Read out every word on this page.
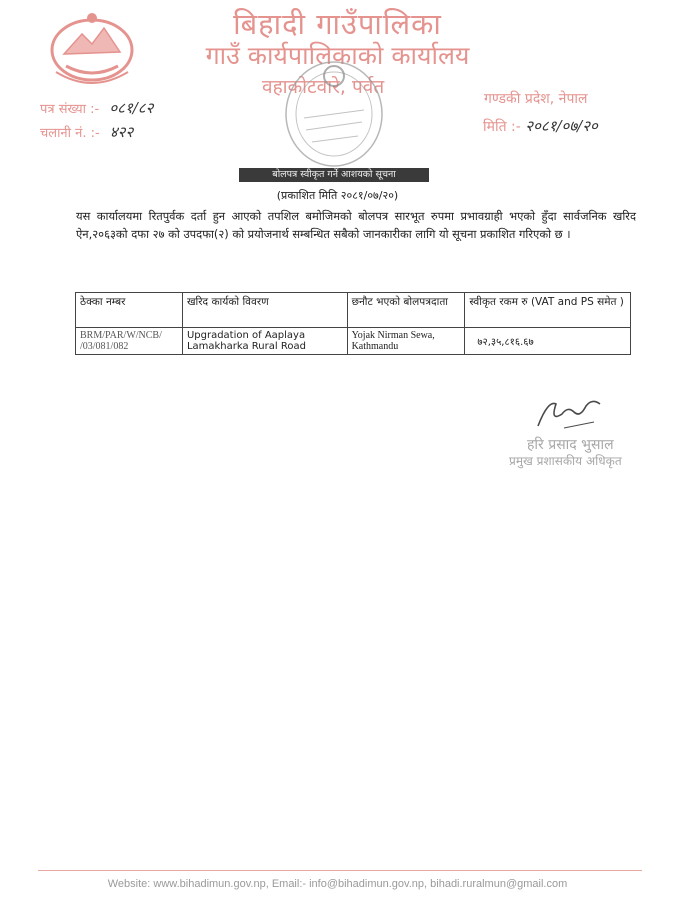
बिहादी गाउँपालिका
गाउँ कार्यपालिकाको कार्यालय
वहाकोटवारे, पर्वत
गण्डकी प्रदेश, नेपाल
मिति :- २०८१/०७/२०
पत्र संख्या :- ०८१/८२
चलानी नं. :- ४२२
बोलपत्र स्वीकृत गर्ने आशयको सूचना
(प्रकाशित मिति २०८१/०७/२०)
यस कार्यालयमा रितपुर्वक दर्ता हुन आएको तपशिल बमोजिमको बोलपत्र सारभूत रुपमा प्रभावग्राही भएको हुँदा सार्वजनिक खरिद ऐन,२०६३को दफा २७ को उपदफा(२) को प्रयोजनार्थ सम्बन्धित सबैको जानकारीका लागि यो सूचना प्रकाशित गरिएको छ ।
ठेक्का नम्बर	खरिद कार्यको विवरण	छनौट भएको बोलपत्रदाता	स्वीकृत रकम रु (VAT and PS समेत )
BRM/PAR/W/NCB/ /03/081/082	Upgradation of Aaplaya Lamakharka Rural Road	Yojak Nirman Sewa, Kathmandu	७२,३५,८१६.६७
हरि प्रसाद भुसाल
प्रमुख प्रशासकीय अधिकृत
Website: www.bihadimun.gov.np, Email:- info@bihadimun.gov.np, bihadi.ruralmun@gmail.com
